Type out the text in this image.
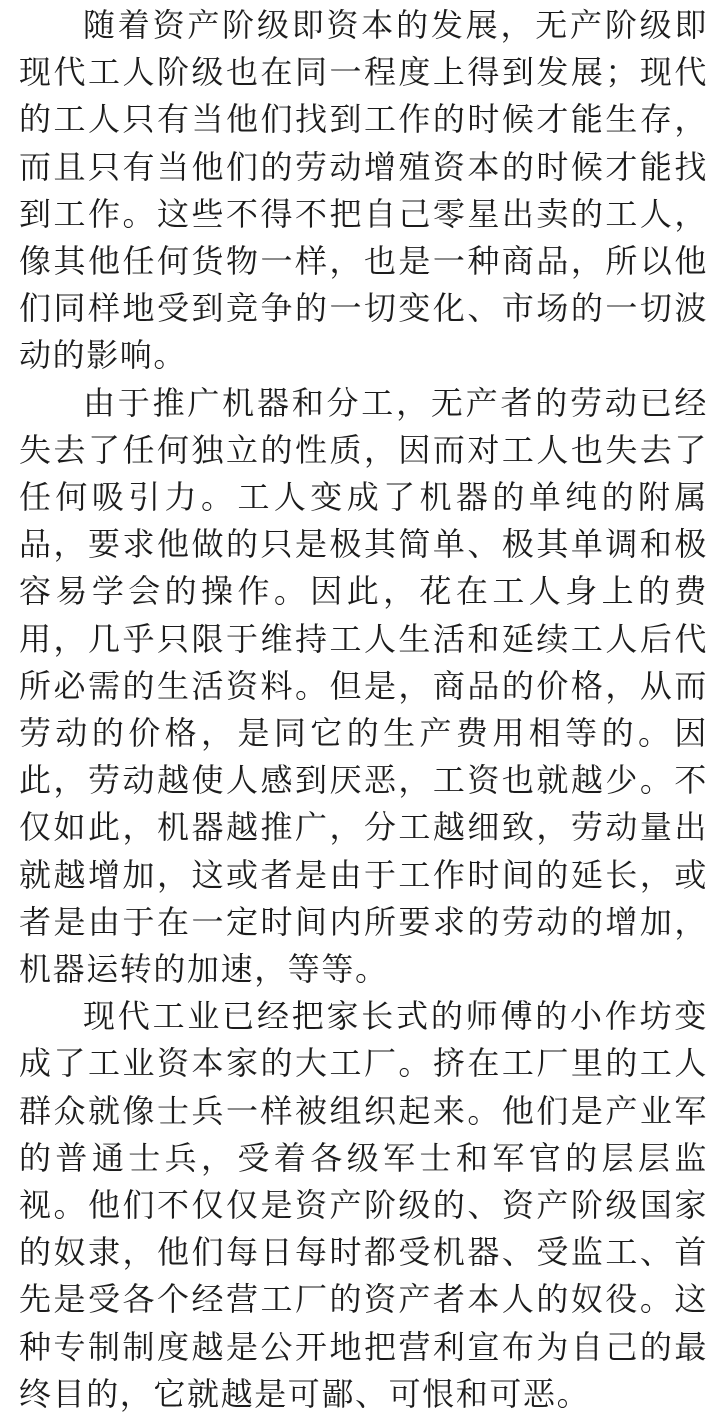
随着资产阶级即资本的发展，无产阶级即现代工人阶级也在同一程度上得到发展；现代的工人只有当他们找到工作的时候才能生存，而且只有当他们的劳动增殖资本的时候才能找到工作。这些不得不把自己零星出卖的工人，像其他任何货物一样，也是一种商品，所以他们同样地受到竞争的一切变化、市场的一切波动的影响。

由于推广机器和分工，无产者的劳动已经失去了任何独立的性质，因而对工人也失去了任何吸引力。工人变成了机器的单纯的附属品，要求他做的只是极其简单、极其单调和极容易学会的操作。因此，花在工人身上的费用，几乎只限于维持工人生活和延续工人后代所必需的生活资料。但是，商品的价格，从而劳动的价格，是同它的生产费用相等的。因此，劳动越使人感到厌恶，工资也就越少。不仅如此，机器越推广，分工越细致，劳动量出就越增加，这或者是由于工作时间的延长，或者是由于在一定时间内所要求的劳动的增加，机器运转的加速，等等。

现代工业已经把家长式的师傅的小作坊变成了工业资本家的大工厂。挤在工厂里的工人群众就像士兵一样被组织起来。他们是产业军的普通士兵，受着各级军士和军官的层层监视。他们不仅仅是资产阶级的、资产阶级国家的奴隶，他们每日每时都受机器、受监工、首先是受各个经营工厂的资产者本人的奴役。这种专制制度越是公开地把营利宣布为自己的最终目的，它就越是可鄙、可恨和可恶。
